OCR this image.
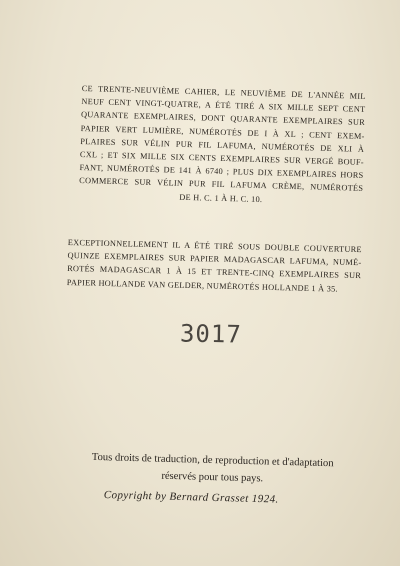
CE TRENTE-NEUVIÈME CAHIER, LE NEUVIÈME DE L'ANNÉE MIL
NEUF CENT VINGT-QUATRE, A ÉTÉ TIRÉ A SIX MILLE SEPT CENT
QUARANTE EXEMPLAIRES, DONT QUARANTE EXEMPLAIRES SUR
PAPIER VERT LUMIÈRE, NUMÉROTÉS DE I À XL ; CENT EXEM-
PLAIRES SUR VÉLIN PUR FIL LAFUMA, NUMÉROTÉS DE XLI À
CXL ; ET SIX MILLE SIX CENTS EXEMPLAIRES SUR VERGÉ BOUF-
FANT, NUMÉROTÉS DE 141 À 6740 ; PLUS DIX EXEMPLAIRES HORS
COMMERCE SUR VÉLIN PUR FIL LAFUMA CRÈME, NUMÉROTÉS
DE H. C. 1 À H. C. 10.
EXCEPTIONNELLEMENT IL A ÉTÉ TIRÉ SOUS DOUBLE COUVERTURE
QUINZE EXEMPLAIRES SUR PAPIER MADAGASCAR LAFUMA, NUMÉ-
ROTÉS MADAGASCAR 1 À 15 ET TRENTE-CINQ EXEMPLAIRES SUR
PAPIER HOLLANDE VAN GELDER, NUMÉROTÉS HOLLANDE 1 À 35.
3017
Tous droits de traduction, de reproduction et d'adaptation
réservés pour tous pays.
Copyright by Bernard Grasset 1924.
